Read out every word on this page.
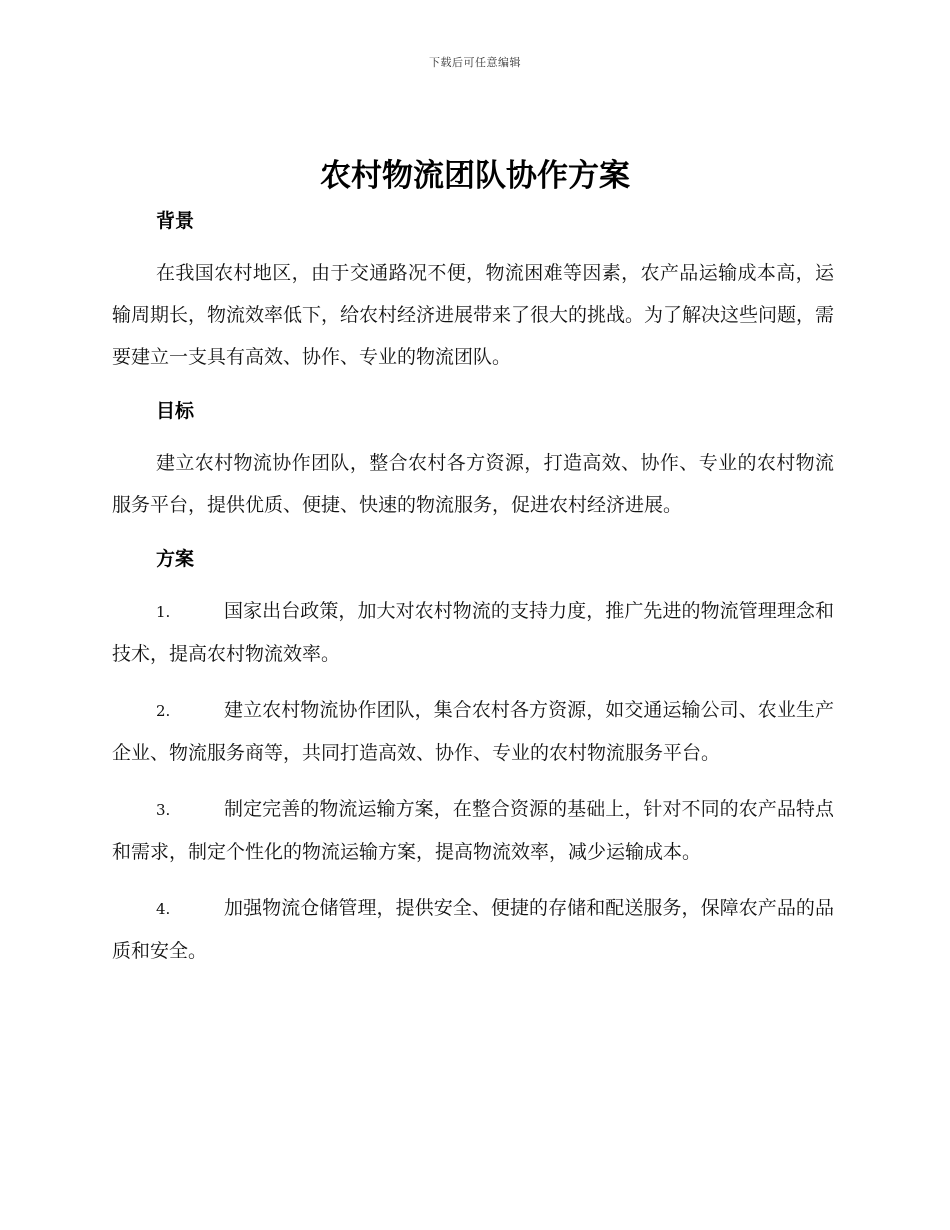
下载后可任意编辑
农村物流团队协作方案
背景

在我国农村地区，由于交通路况不便，物流困难等因素，农产品运输成本高，运输周期长，物流效率低下，给农村经济进展带来了很大的挑战。为了解决这些问题，需要建立一支具有高效、协作、专业的物流团队。

目标

建立农村物流协作团队，整合农村各方资源，打造高效、协作、专业的农村物流服务平台，提供优质、便捷、快速的物流服务，促进农村经济进展。

方案
1.	国家出台政策，加大对农村物流的支持力度，推广先进的物流管理理念和技术，提高农村物流效率。
2.	建立农村物流协作团队，集合农村各方资源，如交通运输公司、农业生产企业、物流服务商等，共同打造高效、协作、专业的农村物流服务平台。
3.	制定完善的物流运输方案，在整合资源的基础上，针对不同的农产品特点和需求，制定个性化的物流运输方案，提高物流效率，减少运输成本。
4.	加强物流仓储管理，提供安全、便捷的存储和配送服务，保障农产品的品质和安全。
